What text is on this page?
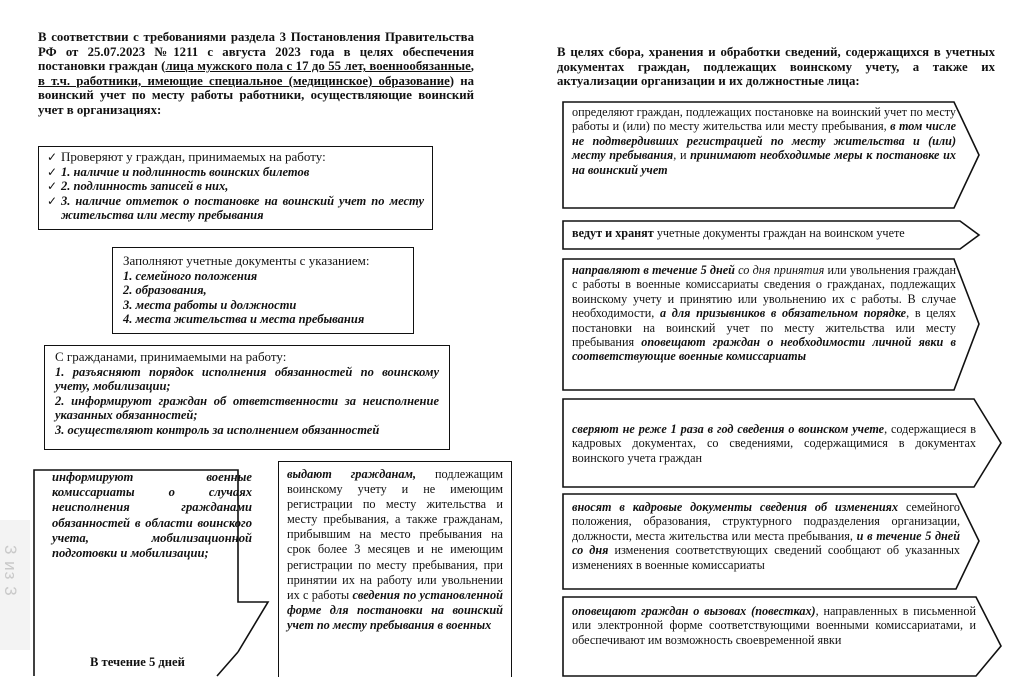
В соответствии с требованиями раздела 3 Постановления Правительства РФ от 25.07.2023 №1211 с августа 2023 года в целях обеспечения постановки граждан (лица мужского пола с 17 до 55 лет, военнообязанные, в т.ч. работники, имеющие специальное (медицинское) образование) на воинский учет по месту работы работники, осуществляющие воинский учет в организациях:
✓ Проверяют у граждан, принимаемых на работу:
✓ 1. наличие и подлинность воинских билетов
✓ 2. подлинность записей в них,
✓ 3. наличие отметок о постановке на воинский учет по месту жительства или месту пребывания
Заполняют учетные документы с указанием:
1. семейного положения
2. образования,
3. места работы и должности
4. места жительства и места пребывания
С гражданами, принимаемыми на работу:
1. разъясняют порядок исполнения обязанностей по воинскому учету, мобилизации;
2. информируют граждан об ответственности за неисполнение указанных обязанностей;
3. осуществляют контроль за исполнением обязанностей
информируют военные комиссариаты о случаях неисполнения гражданами обязанностей в области воинского учета, мобилизационной подготовки и мобилизации;
В течение 5 дней
выдают гражданам, подлежащим воинскому учету и не имеющим регистрации по месту жительства и месту пребывания, а также гражданам, прибывшим на место пребывания на срок более 3 месяцев и не имеющим регистрации по месту пребывания, при принятии их на работу или увольнении их с работы сведения по установленной форме для постановки на воинский учет по месту пребывания в военных
В целях сбора, хранения и обработки сведений, содержащихся в учетных документах граждан, подлежащих воинскому учету, а также их актуализации организации и их должностные лица:
определяют граждан, подлежащих постановке на воинский учет по месту работы и (или) по месту жительства или месту пребывания, в том числе не подтвердивших регистрацией по месту жительства и (или) месту пребывания, и принимают необходимые меры к постановке их на воинский учет
ведут и хранят учетные документы граждан на воинском учете
направляют в течение 5 дней со дня принятия или увольнения граждан с работы в военные комиссариаты сведения о гражданах, подлежащих воинскому учету и принятию или увольнению их с работы. В случае необходимости, а для призывников в обязательном порядке, в целях постановки на воинский учет по месту жительства или месту пребывания оповещают граждан о необходимости личной явки в соответствующие военные комиссариаты
сверяют не реже 1 раза в год сведения о воинском учете, содержащиеся в кадровых документах, со сведениями, содержащимися в документах воинского учета граждан
вносят в кадровые документы сведения об изменениях семейного положения, образования, структурного подразделения организации, должности, места жительства или места пребывания, и в течение 5 дней со дня изменения соответствующих сведений сообщают об указанных изменениях в военные комиссариаты
оповещают граждан о вызовах (повестках), направленных в письменной или электронной форме соответствующими военными комиссариатами, и обеспечивают им возможность своевременной явки
3 из 3
